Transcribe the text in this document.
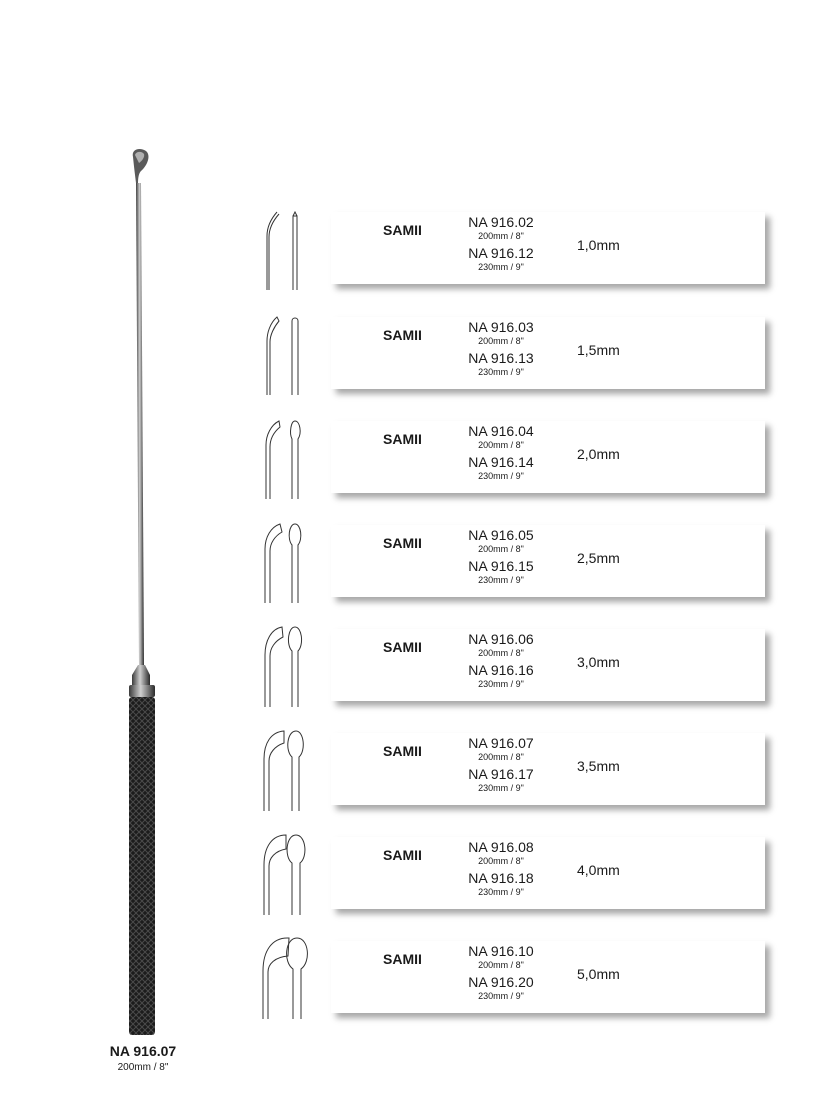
NA 916.07
200mm / 8"
SAMII	NA 916.02
200mm / 8"
NA 916.12
230mm / 9"
1,0mm
SAMII	NA 916.03
200mm / 8"
NA 916.13
230mm / 9"
1,5mm
SAMII	NA 916.04
200mm / 8"
NA 916.14
230mm / 9"
2,0mm
SAMII	NA 916.05
200mm / 8"
NA 916.15
230mm / 9"
2,5mm
SAMII	NA 916.06
200mm / 8"
NA 916.16
230mm / 9"
3,0mm
SAMII	NA 916.07
200mm / 8"
NA 916.17
230mm / 9"
3,5mm
SAMII	NA 916.08
200mm / 8"
NA 916.18
230mm / 9"
4,0mm
SAMII	NA 916.10
200mm / 8"
NA 916.20
230mm / 9"
5,0mm
